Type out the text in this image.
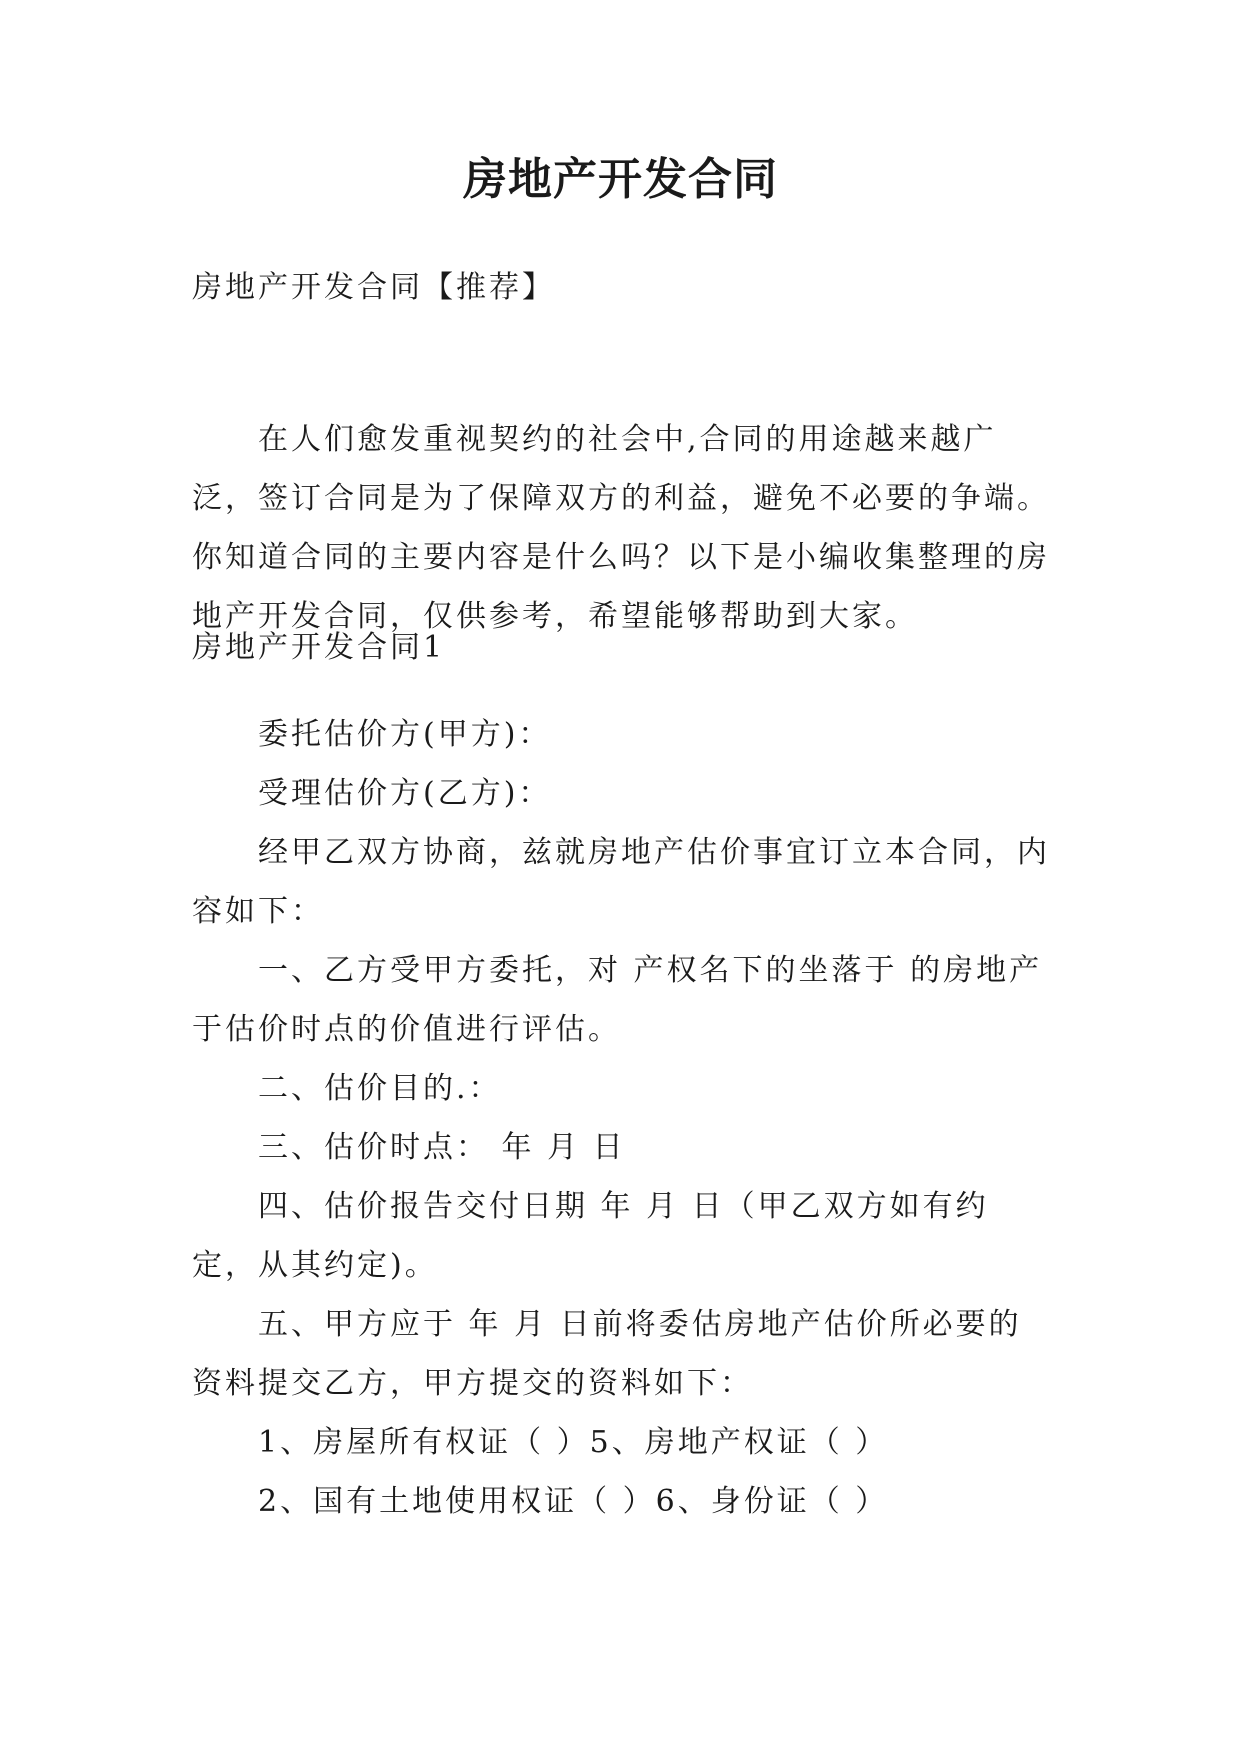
房地产开发合同

房地产开发合同【推荐】

在人们愈发重视契约的社会中,合同的用途越来越广泛，签订合同是为了保障双方的利益，避免不必要的争端。你知道合同的主要内容是什么吗？以下是小编收集整理的房地产开发合同，仅供参考，希望能够帮助到大家。

房地产开发合同1

委托估价方(甲方)：

受理估价方(乙方)：

经甲乙双方协商，兹就房地产估价事宜订立本合同，内容如下：

一、乙方受甲方委托，对 产权名下的坐落于 的房地产于估价时点的价值进行评估。

二、估价目的.：

三、估价时点： 年 月 日

四、估价报告交付日期 年 月 日（甲乙双方如有约定，从其约定)。

五、甲方应于 年 月 日前将委估房地产估价所必要的资料提交乙方，甲方提交的资料如下：

1、房屋所有权证（ ）5、房地产权证（ ）

2、国有土地使用权证（ ）6、身份证（ ）
